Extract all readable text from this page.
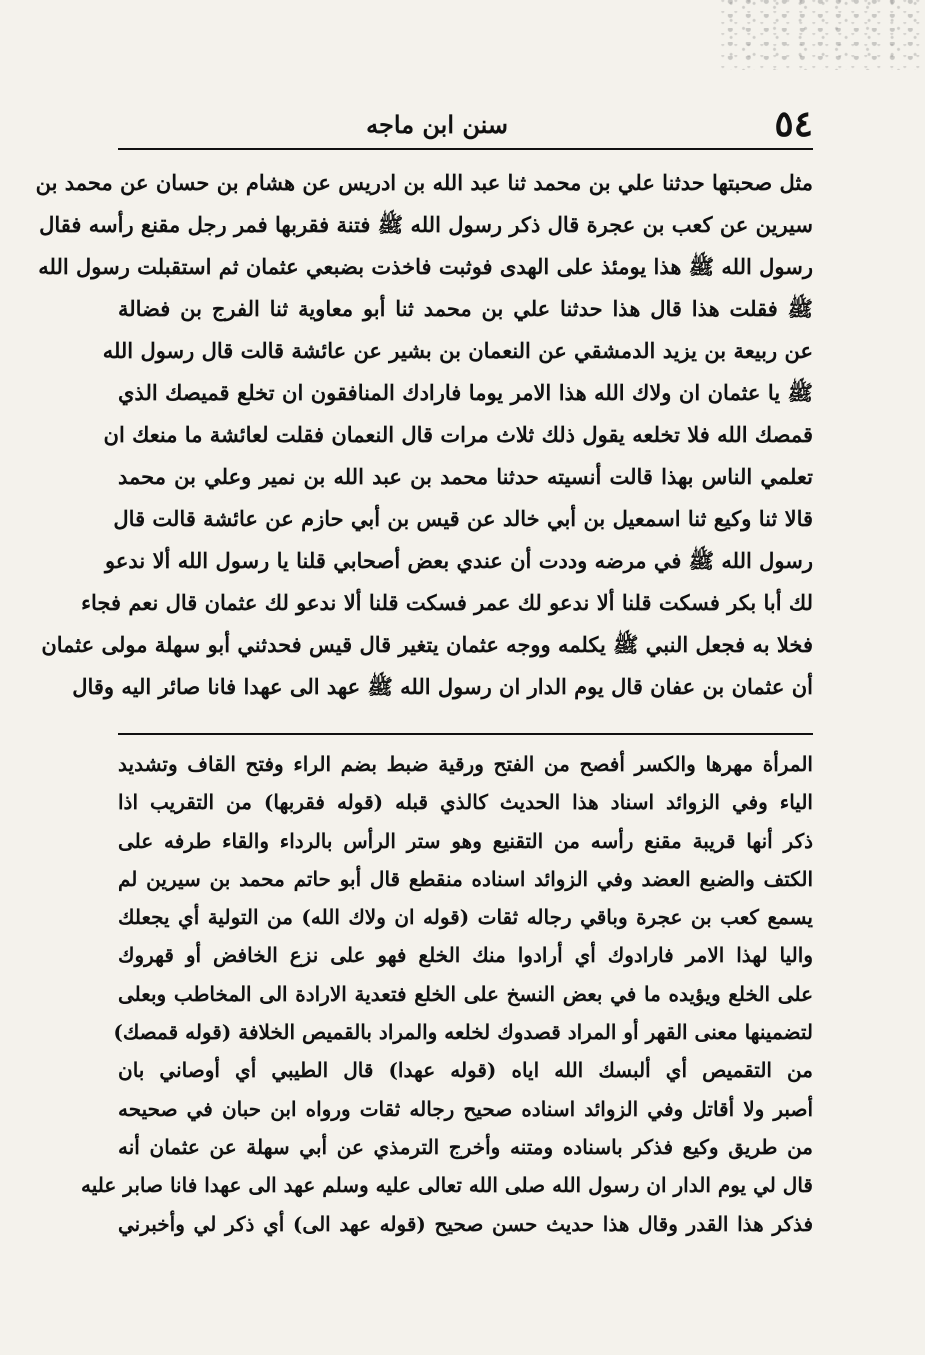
٥٤
سنن ابن ماجه
مثل صحبتها حدثنا علي بن محمد ثنا عبد الله بن ادريس عن هشام بن حسان عن محمد بن
سيرين عن كعب بن عجرة قال ذكر رسول الله ﷺ فتنة فقربها فمر رجل مقنع رأسه فقال
رسول الله ﷺ هذا يومئذ على الهدى فوثبت فاخذت بضبعي عثمان ثم استقبلت رسول الله
ﷺ فقلت هذا قال هذا حدثنا علي بن محمد ثنا أبو معاوية ثنا الفرج بن فضالة
عن ربيعة بن يزيد الدمشقي عن النعمان بن بشير عن عائشة قالت قال رسول الله
ﷺ يا عثمان ان ولاك الله هذا الامر يوما فارادك المنافقون ان تخلع قميصك الذي
قمصك الله فلا تخلعه يقول ذلك ثلاث مرات قال النعمان فقلت لعائشة ما منعك ان
تعلمي الناس بهذا قالت أنسيته حدثنا محمد بن عبد الله بن نمير وعلي بن محمد
قالا ثنا وكيع ثنا اسمعيل بن أبي خالد عن قيس بن أبي حازم عن عائشة قالت قال
رسول الله ﷺ في مرضه وددت أن عندي بعض أصحابي قلنا يا رسول الله ألا ندعو
لك أبا بكر فسكت قلنا ألا ندعو لك عمر فسكت قلنا ألا ندعو لك عثمان قال نعم فجاء
فخلا به فجعل النبي ﷺ يكلمه ووجه عثمان يتغير قال قيس فحدثني أبو سهلة مولى عثمان
أن عثمان بن عفان قال يوم الدار ان رسول الله ﷺ عهد الى عهدا فانا صائر اليه وقال
المرأة مهرها والكسر أفصح من الفتح ورقية ضبط بضم الراء وفتح القاف وتشديد
الياء وفي الزوائد اسناد هذا الحديث كالذي قبله (قوله فقربها) من التقريب اذا
ذكر أنها قريبة مقنع رأسه من التقنيع وهو ستر الرأس بالرداء والقاء طرفه على
الكتف والضبع العضد وفي الزوائد اسناده منقطع قال أبو حاتم محمد بن سيرين لم
يسمع كعب بن عجرة وباقي رجاله ثقات (قوله ان ولاك الله) من التولية أي يجعلك
واليا لهذا الامر فارادوك أي أرادوا منك الخلع فهو على نزع الخافض أو قهروك
على الخلع ويؤيده ما في بعض النسخ على الخلع فتعدية الارادة الى المخاطب وبعلى
لتضمينها معنى القهر أو المراد قصدوك لخلعه والمراد بالقميص الخلافة (قوله قمصك)
من التقميص أي ألبسك الله اياه (قوله عهدا) قال الطيبي أي أوصاني بان
أصبر ولا أقاتل وفي الزوائد اسناده صحيح رجاله ثقات ورواه ابن حبان في صحيحه
من طريق وكيع فذكر باسناده ومتنه وأخرج الترمذي عن أبي سهلة عن عثمان أنه
قال لي يوم الدار ان رسول الله صلى الله تعالى عليه وسلم عهد الى عهدا فانا صابر عليه
فذكر هذا القدر وقال هذا حديث حسن صحيح (قوله عهد الى) أي ذكر لي وأخبرني
